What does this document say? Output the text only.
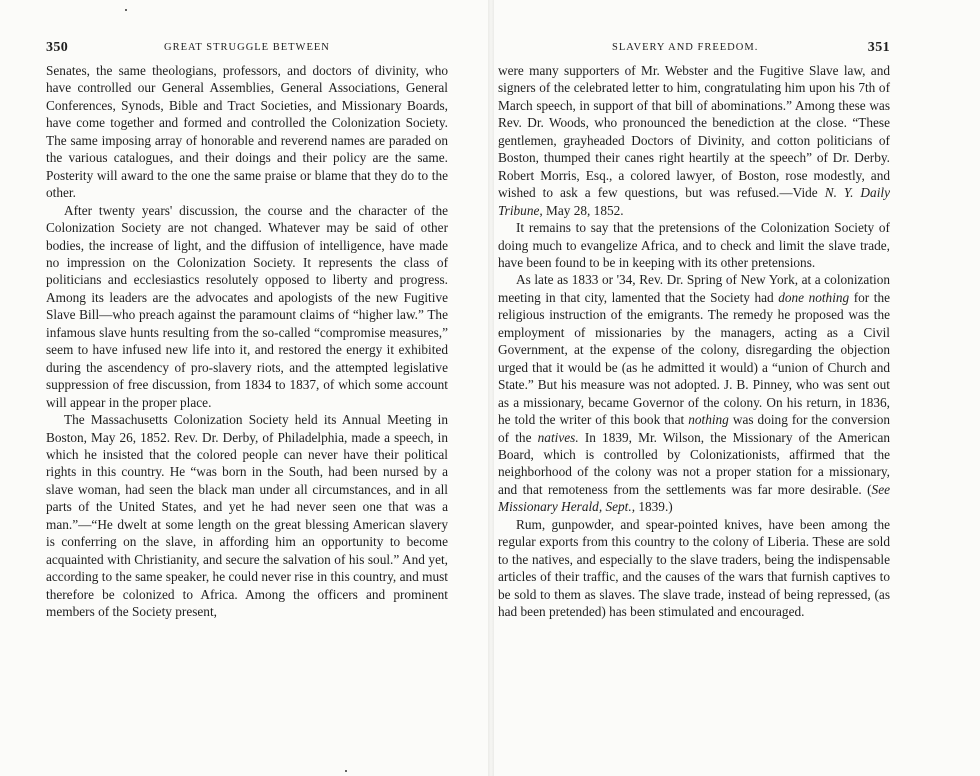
350	GREAT STRUGGLE BETWEEN

Senates, the same theologians, professors, and doctors of divinity, who have controlled our General Assemblies, General Associations, General Conferences, Synods, Bible and Tract Societies, and Missionary Boards, have come together and formed and controlled the Colonization Society. The same imposing array of honorable and reverend names are paraded on the various catalogues, and their doings and their policy are the same. Posterity will award to the one the same praise or blame that they do to the other.

After twenty years' discussion, the course and the character of the Colonization Society are not changed. Whatever may be said of other bodies, the increase of light, and the diffusion of intelligence, have made no impression on the Colonization Society. It represents the class of politicians and ecclesiastics resolutely opposed to liberty and progress. Among its leaders are the advocates and apologists of the new Fugitive Slave Bill—who preach against the paramount claims of “higher law.” The infamous slave hunts resulting from the so-called “compromise measures,” seem to have infused new life into it, and restored the energy it exhibited during the ascendency of pro-slavery riots, and the attempted legislative suppression of free discussion, from 1834 to 1837, of which some account will appear in the proper place.

The Massachusetts Colonization Society held its Annual Meeting in Boston, May 26, 1852. Rev. Dr. Derby, of Philadelphia, made a speech, in which he insisted that the colored people can never have their political rights in this country. He “was born in the South, had been nursed by a slave woman, had seen the black man under all circumstances, and in all parts of the United States, and yet he had never seen one that was a man.”—“He dwelt at some length on the great blessing American slavery is conferring on the slave, in affording him an opportunity to become acquainted with Christianity, and secure the salvation of his soul.” And yet, according to the same speaker, he could never rise in this country, and must therefore be colonized to Africa. Among the officers and prominent members of the Society present,

SLAVERY AND FREEDOM.	351

were many supporters of Mr. Webster and the Fugitive Slave law, and signers of the celebrated letter to him, congratulating him upon his 7th of March speech, in support of that bill of abominations.” Among these was Rev. Dr. Woods, who pronounced the benediction at the close. “These gentlemen, grayheaded Doctors of Divinity, and cotton politicians of Boston, thumped their canes right heartily at the speech” of Dr. Derby. Robert Morris, Esq., a colored lawyer, of Boston, rose modestly, and wished to ask a few questions, but was refused.—Vide N. Y. Daily Tribune, May 28, 1852.

It remains to say that the pretensions of the Colonization Society of doing much to evangelize Africa, and to check and limit the slave trade, have been found to be in keeping with its other pretensions.

As late as 1833 or '34, Rev. Dr. Spring of New York, at a colonization meeting in that city, lamented that the Society had done nothing for the religious instruction of the emigrants. The remedy he proposed was the employment of missionaries by the managers, acting as a Civil Government, at the expense of the colony, disregarding the objection urged that it would be (as he admitted it would) a “union of Church and State.” But his measure was not adopted. J. B. Pinney, who was sent out as a missionary, became Governor of the colony. On his return, in 1836, he told the writer of this book that nothing was doing for the conversion of the natives. In 1839, Mr. Wilson, the Missionary of the American Board, which is controlled by Colonizationists, affirmed that the neighborhood of the colony was not a proper station for a missionary, and that remoteness from the settlements was far more desirable. (See Missionary Herald, Sept., 1839.)

Rum, gunpowder, and spear-pointed knives, have been among the regular exports from this country to the colony of Liberia. These are sold to the natives, and especially to the slave traders, being the indispensable articles of their traffic, and the causes of the wars that furnish captives to be sold to them as slaves. The slave trade, instead of being repressed, (as had been pretended) has been stimulated and encouraged.
